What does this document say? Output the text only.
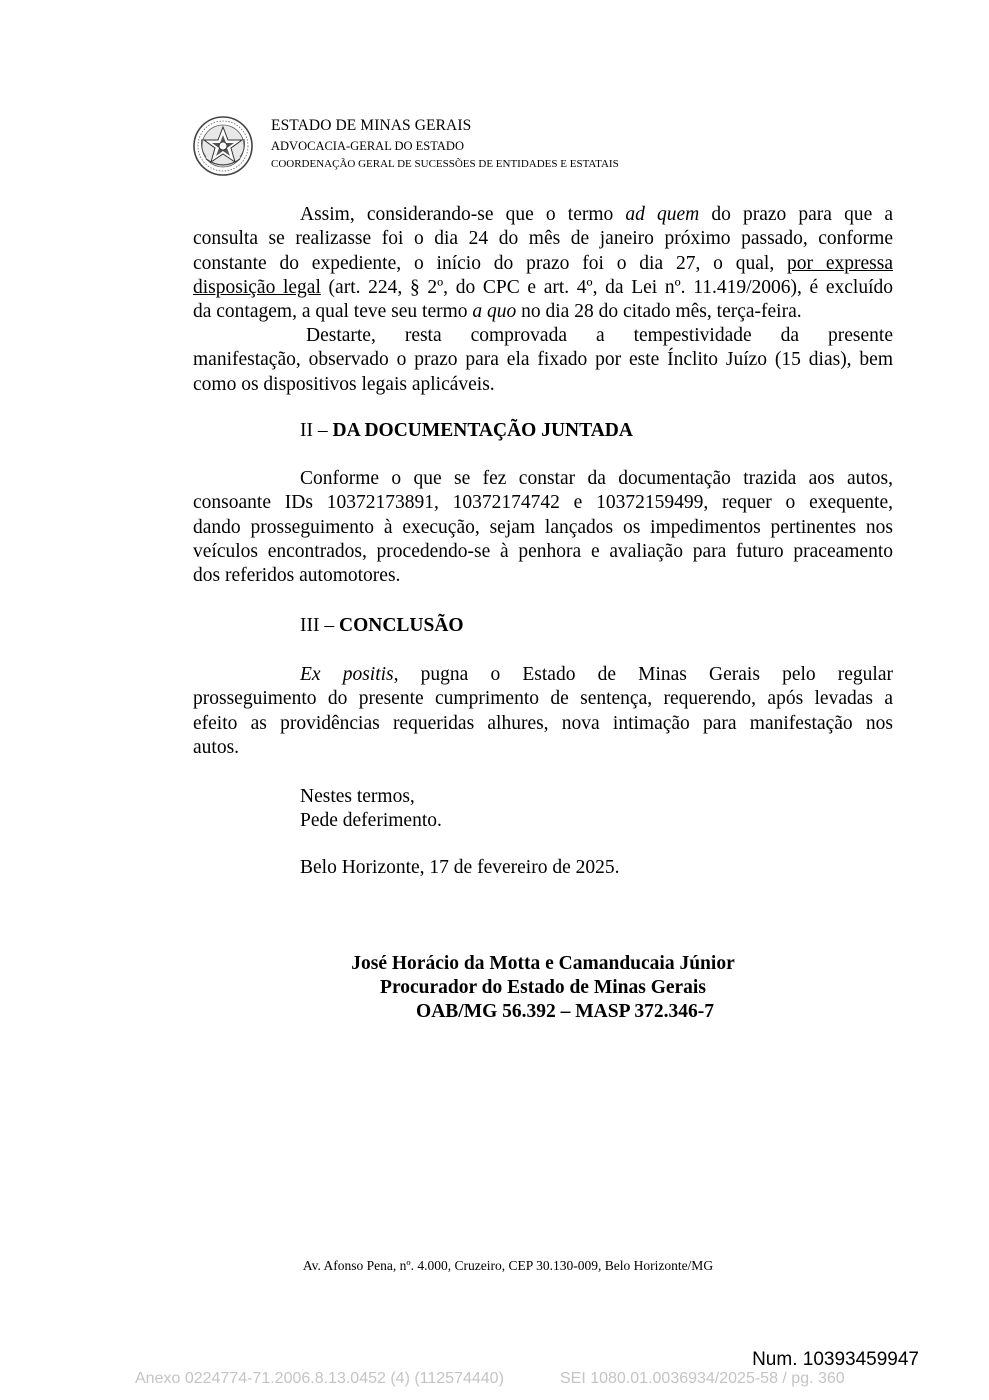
ESTADO DE MINAS GERAIS
ADVOCACIA-GERAL DO ESTADO
COORDENAÇÃO GERAL DE SUCESSÕES DE ENTIDADES E ESTATAIS
Assim, considerando-se que o termo ad quem do prazo para que a
consulta se realizasse foi o dia 24 do mês de janeiro próximo passado, conforme
constante do expediente, o início do prazo foi o dia 27, o qual, por expressa
disposição legal (art. 224, § 2º, do CPC e art. 4º, da Lei nº. 11.419/2006), é excluído
da contagem, a qual teve seu termo a quo no dia 28 do citado mês, terça-feira.
Destarte, resta comprovada a tempestividade da presente
manifestação, observado o prazo para ela fixado por este Ínclito Juízo (15 dias), bem
como os dispositivos legais aplicáveis.
II – DA DOCUMENTAÇÃO JUNTADA
Conforme o que se fez constar da documentação trazida aos autos,
consoante IDs 10372173891, 10372174742 e 10372159499, requer o exequente,
dando prosseguimento à execução, sejam lançados os impedimentos pertinentes nos
veículos encontrados, procedendo-se à penhora e avaliação para futuro praceamento
dos referidos automotores.
III – CONCLUSÃO
Ex positis, pugna o Estado de Minas Gerais pelo regular
prosseguimento do presente cumprimento de sentença, requerendo, após levadas a
efeito as providências requeridas alhures, nova intimação para manifestação nos
autos.
Nestes termos,
Pede deferimento.
Belo Horizonte, 17 de fevereiro de 2025.
José Horácio da Motta e Camanducaia Júnior
Procurador do Estado de Minas Gerais
OAB/MG 56.392 – MASP 372.346-7
Av. Afonso Pena, nº. 4.000, Cruzeiro, CEP 30.130-009, Belo Horizonte/MG
Num. 10393459947
Anexo 0224774-71.2006.8.13.0452 (4) (112574440)	SEI 1080.01.0036934/2025-58 / pg. 360
